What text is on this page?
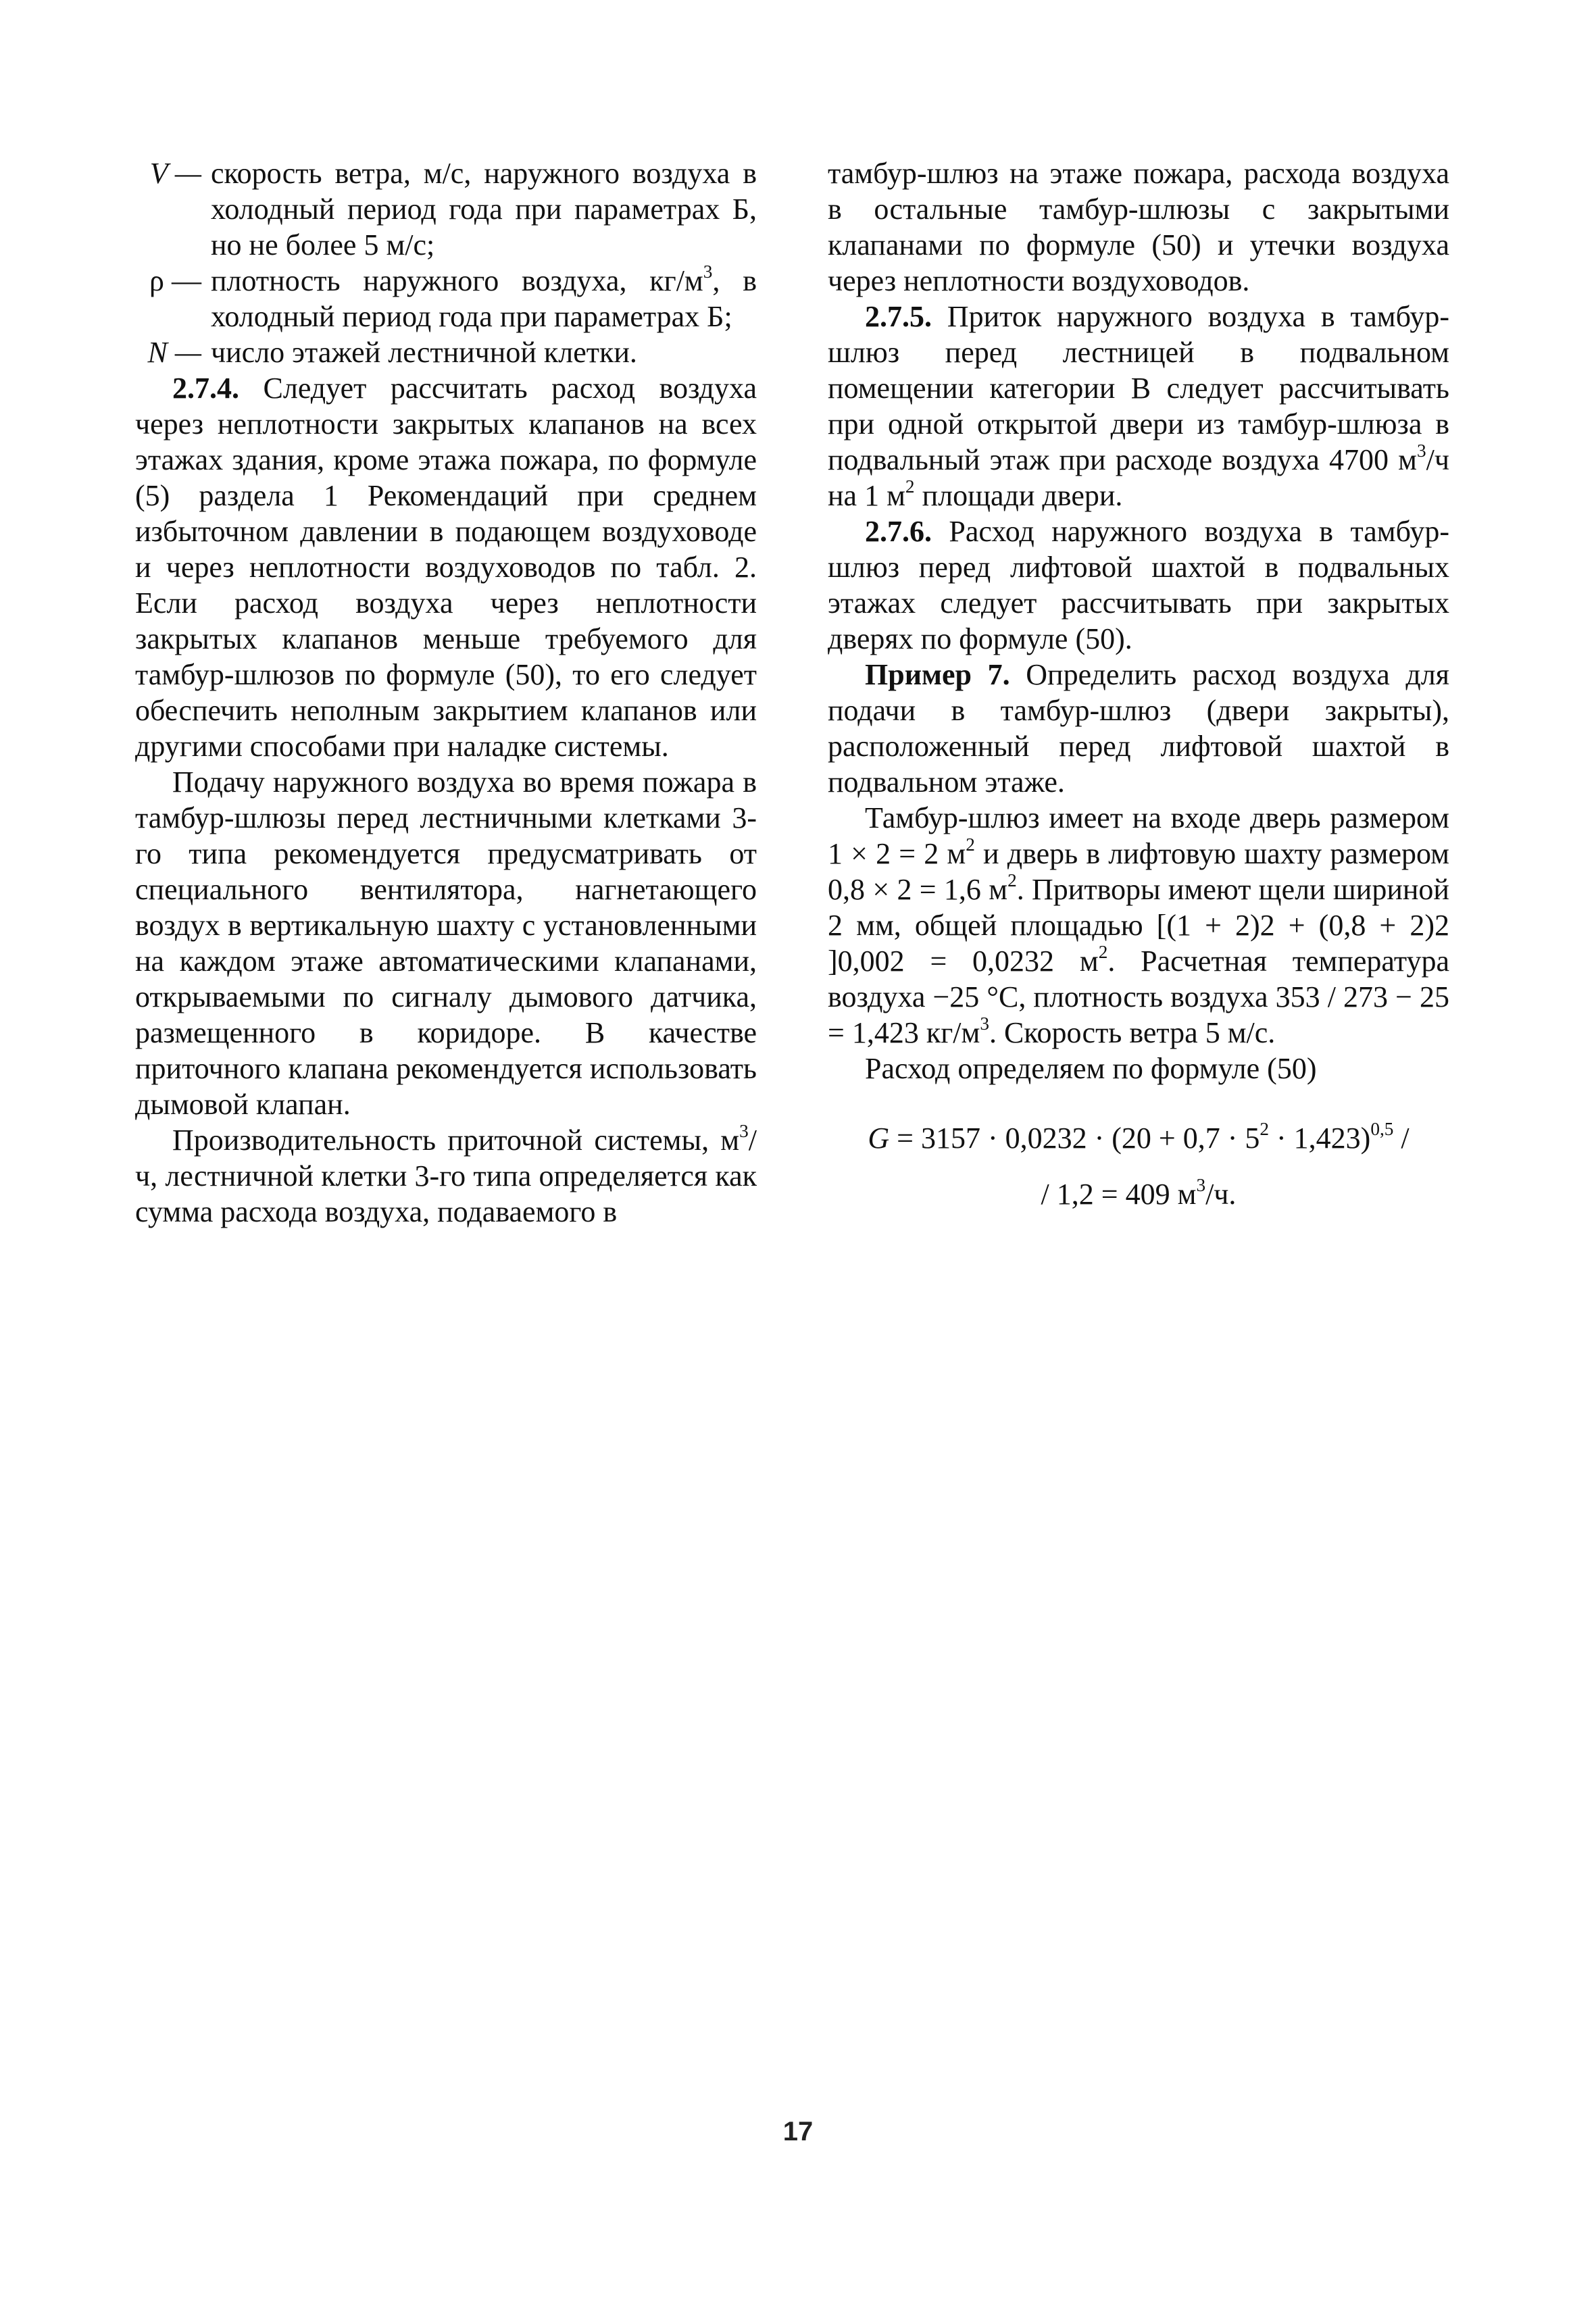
V — скорость ветра, м/с, наружного воздуха в холодный период года при параметрах Б, но не более 5 м/с;
ρ — плотность наружного воздуха, $кг/м^3$, в холодный период года при параметрах Б;
N — число этажей лестничной клетки.

2.7.4. Следует рассчитать расход воздуха через неплотности закрытых клапанов на всех этажах здания, кроме этажа пожара, по формуле (5) раздела 1 Рекомендаций при среднем избыточном давлении в подающем воздуховоде и через неплотности воздуховодов по табл. 2. Если расход воздуха через неплотности закрытых клапанов меньше требуемого для тамбур-шлюзов по формуле (50), то его следует обеспечить неполным закрытием клапанов или другими способами при наладке системы.

Подачу наружного воздуха во время пожара в тамбур-шлюзы перед лестничными клетками 3-го типа рекомендуется предусматривать от специального вентилятора, нагнетающего воздух в вертикальную шахту с установленными на каждом этаже автоматическими клапанами, открываемыми по сигналу дымового датчика, размещенного в коридоре. В качестве приточного клапана рекомендуется использовать дымовой клапан.

Производительность приточной системы, $м^3/ч$, лестничной клетки 3-го типа определяется как сумма расхода воздуха, подаваемого в

тамбур-шлюз на этаже пожара, расхода воздуха в остальные тамбур-шлюзы с закрытыми клапанами по формуле (50) и утечки воздуха через неплотности воздуховодов.

2.7.5. Приток наружного воздуха в тамбур-шлюз перед лестницей в подвальном помещении категории В следует рассчитывать при одной открытой двери из тамбур-шлюза в подвальный этаж при расходе воздуха 4700 $м^3/ч$ на 1 $м^2$ площади двери.

2.7.6. Расход наружного воздуха в тамбур-шлюз перед лифтовой шахтой в подвальных этажах следует рассчитывать при закрытых дверях по формуле (50).

Пример 7. Определить расход воздуха для подачи в тамбур-шлюз (двери закрыты), расположенный перед лифтовой шахтой в подвальном этаже.

Тамбур-шлюз имеет на входе дверь размером 1 × 2 = 2 $м^2$ и дверь в лифтовую шахту размером 0,8 × 2 = 1,6 $м^2$. Притворы имеют щели шириной 2 мм, общей площадью [(1 + 2)2 + (0,8 + 2)2 ]0,002 = 0,0232 $м^2$. Расчетная температура воздуха −25 °С, плотность воздуха 353 / 273 − 25 = 1,423 $кг/м^3$. Скорость ветра 5 м/с.

Расход определяем по формуле (50)

$G = 3157 \cdot 0,0232 \cdot (20 + 0,7 \cdot 5^2 \cdot 1,423)^{0,5}$ /

/ 1,2 = 409 $м^3/ч$.

17
